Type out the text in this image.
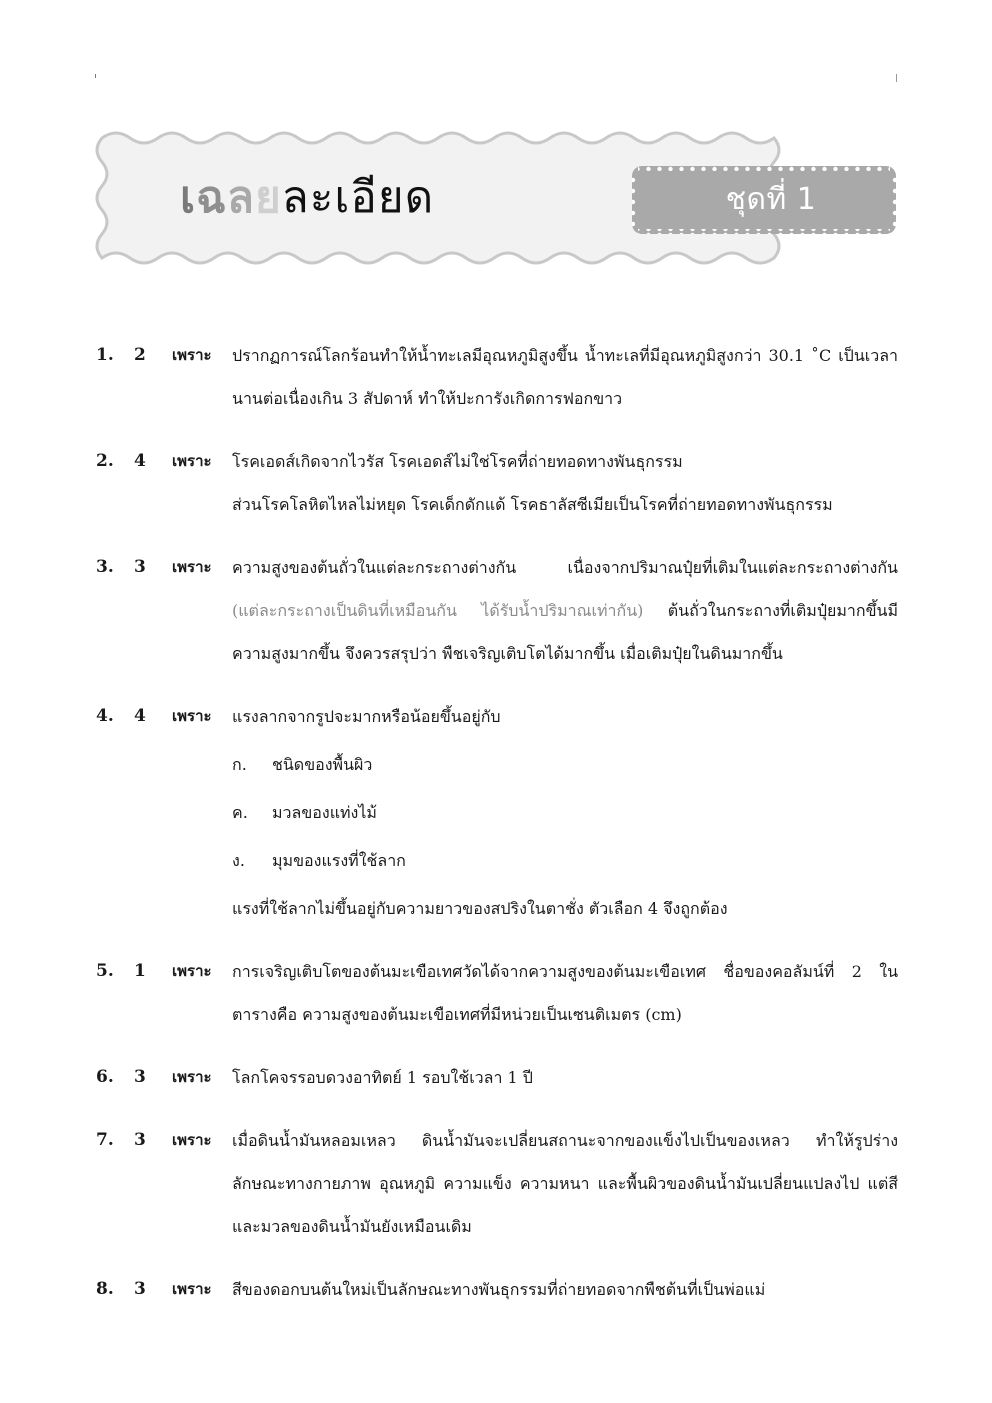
เฉลยละเอียด	ชุดที่ 1
1.	2	เพราะ	ปรากฏการณ์โลกร้อนทำให้น้ำทะเลมีอุณหภูมิสูงขึ้น น้ำทะเลที่มีอุณหภูมิสูงกว่า 30.1 ˚C เป็นเวลานานต่อเนื่องเกิน 3 สัปดาห์ ทำให้ปะการังเกิดการฟอกขาว

2.	4	เพราะ	โรคเอดส์เกิดจากไวรัส โรคเอดส์ไม่ใช่โรคที่ถ่ายทอดทางพันธุกรรม

ส่วนโรคโลหิตไหลไม่หยุด โรคเด็กดักแด้ โรคธาลัสซีเมียเป็นโรคที่ถ่ายทอดทางพันธุกรรม

3.	3	เพราะ	ความสูงของต้นถั่วในแต่ละกระถางต่างกัน เนื่องจากปริมาณปุ๋ยที่เติมในแต่ละกระถางต่างกัน (แต่ละกระถางเป็นดินที่เหมือนกัน ได้รับน้ำปริมาณเท่ากัน) ต้นถั่วในกระถางที่เติมปุ๋ยมากขึ้นมีความสูงมากขึ้น จึงควรสรุปว่า พืชเจริญเติบโตได้มากขึ้น เมื่อเติมปุ๋ยในดินมากขึ้น

4.	4	เพราะ	แรงลากจากรูปจะมากหรือน้อยขึ้นอยู่กับ

ก.	ชนิดของพื้นผิว
ค.	มวลของแท่งไม้
ง.	มุมของแรงที่ใช้ลาก

แรงที่ใช้ลากไม่ขึ้นอยู่กับความยาวของสปริงในตาชั่ง ตัวเลือก 4 จึงถูกต้อง

5.	1	เพราะ	การเจริญเติบโตของต้นมะเขือเทศวัดได้จากความสูงของต้นมะเขือเทศ ชื่อของคอลัมน์ที่ 2 ในตารางคือ ความสูงของต้นมะเขือเทศที่มีหน่วยเป็นเซนติเมตร (cm)

6.	3	เพราะ	โลกโคจรรอบดวงอาทิตย์ 1 รอบใช้เวลา 1 ปี

7.	3	เพราะ	เมื่อดินน้ำมันหลอมเหลว ดินน้ำมันจะเปลี่ยนสถานะจากของแข็งไปเป็นของเหลว ทำให้รูปร่าง ลักษณะทางกายภาพ อุณหภูมิ ความแข็ง ความหนา และพื้นผิวของดินน้ำมันเปลี่ยนแปลงไป แต่สีและมวลของดินน้ำมันยังเหมือนเดิม

8.	3	เพราะ	สีของดอกบนต้นใหม่เป็นลักษณะทางพันธุกรรมที่ถ่ายทอดจากพืชต้นที่เป็นพ่อแม่
